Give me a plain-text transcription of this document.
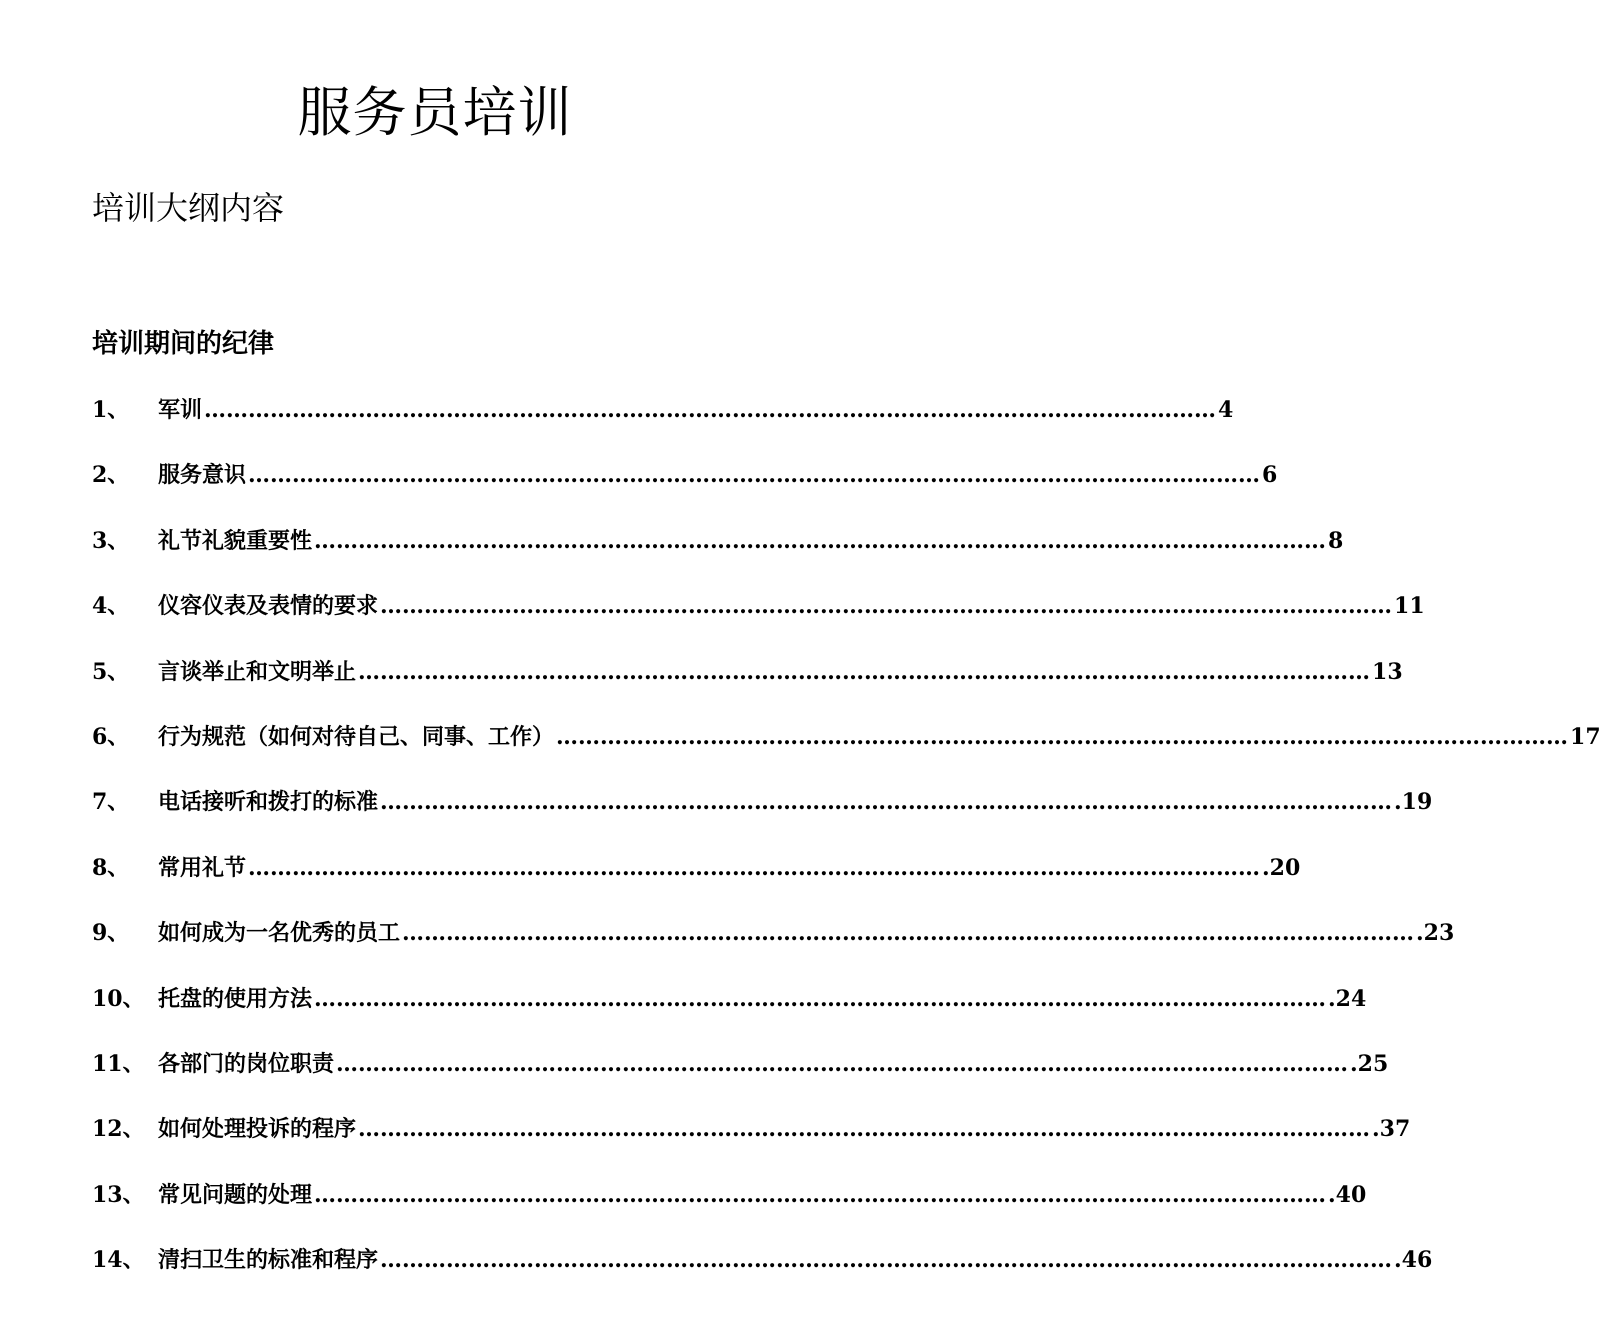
服务员培训
培训大纲内容
培训期间的纪律
1、	军训 …………………………………………………………………………………………………………………………	4
2、	服务意识 …………………………………………………………………………………………………………………………	6
3、	礼节礼貌重要性 …………………………………………………………………………………………………………………………	8
4、	仪容仪表及表情的要求 …………………………………………………………………………………………………………………………	11
5、	言谈举止和文明举止 …………………………………………………………………………………………………………………………	13
6、	行为规范（如何对待自己、同事、工作） …………………………………………………………………………………………………………………………	17
7、	电话接听和拨打的标准 …………………………………………………………………………………………………………………………	.19
8、	常用礼节 …………………………………………………………………………………………………………………………	.20
9、	如何成为一名优秀的员工 …………………………………………………………………………………………………………………………	.23
10、 托盘的使用方法 …………………………………………………………………………………………………………………………	.24
11、 各部门的岗位职责 …………………………………………………………………………………………………………………………	.25
12、 如何处理投诉的程序 …………………………………………………………………………………………………………………………	.37
13、 常见问题的处理 …………………………………………………………………………………………………………………………	.40
14、 清扫卫生的标准和程序 …………………………………………………………………………………………………………………………	.46
